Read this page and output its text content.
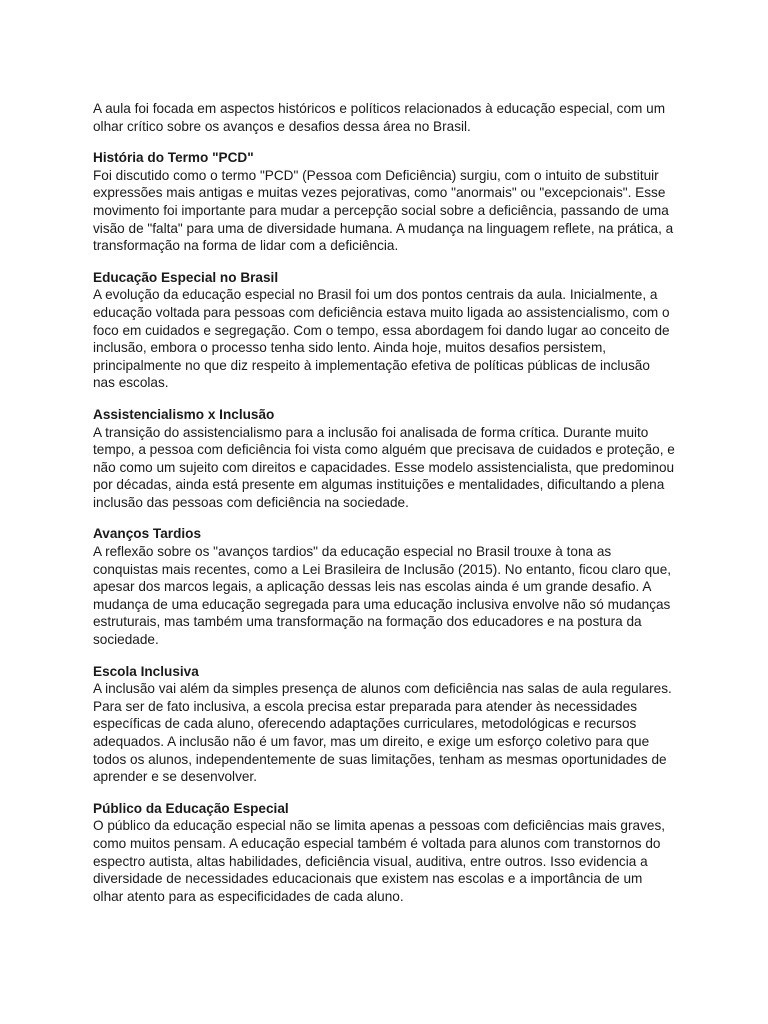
A aula foi focada em aspectos históricos e políticos relacionados à educação especial, com um olhar crítico sobre os avanços e desafios dessa área no Brasil.

História do Termo "PCD"

Foi discutido como o termo "PCD" (Pessoa com Deficiência) surgiu, com o intuito de substituir expressões mais antigas e muitas vezes pejorativas, como "anormais" ou "excepcionais". Esse movimento foi importante para mudar a percepção social sobre a deficiência, passando de uma visão de "falta" para uma de diversidade humana. A mudança na linguagem reflete, na prática, a transformação na forma de lidar com a deficiência.

Educação Especial no Brasil

A evolução da educação especial no Brasil foi um dos pontos centrais da aula. Inicialmente, a educação voltada para pessoas com deficiência estava muito ligada ao assistencialismo, com o foco em cuidados e segregação. Com o tempo, essa abordagem foi dando lugar ao conceito de inclusão, embora o processo tenha sido lento. Ainda hoje, muitos desafios persistem, principalmente no que diz respeito à implementação efetiva de políticas públicas de inclusão nas escolas.

Assistencialismo x Inclusão

A transição do assistencialismo para a inclusão foi analisada de forma crítica. Durante muito tempo, a pessoa com deficiência foi vista como alguém que precisava de cuidados e proteção, e não como um sujeito com direitos e capacidades. Esse modelo assistencialista, que predominou por décadas, ainda está presente em algumas instituições e mentalidades, dificultando a plena inclusão das pessoas com deficiência na sociedade.

Avanços Tardios

A reflexão sobre os "avanços tardios" da educação especial no Brasil trouxe à tona as conquistas mais recentes, como a Lei Brasileira de Inclusão (2015). No entanto, ficou claro que, apesar dos marcos legais, a aplicação dessas leis nas escolas ainda é um grande desafio. A mudança de uma educação segregada para uma educação inclusiva envolve não só mudanças estruturais, mas também uma transformação na formação dos educadores e na postura da sociedade.

Escola Inclusiva

A inclusão vai além da simples presença de alunos com deficiência nas salas de aula regulares. Para ser de fato inclusiva, a escola precisa estar preparada para atender às necessidades específicas de cada aluno, oferecendo adaptações curriculares, metodológicas e recursos adequados. A inclusão não é um favor, mas um direito, e exige um esforço coletivo para que todos os alunos, independentemente de suas limitações, tenham as mesmas oportunidades de aprender e se desenvolver.

Público da Educação Especial

O público da educação especial não se limita apenas a pessoas com deficiências mais graves, como muitos pensam. A educação especial também é voltada para alunos com transtornos do espectro autista, altas habilidades, deficiência visual, auditiva, entre outros. Isso evidencia a diversidade de necessidades educacionais que existem nas escolas e a importância de um olhar atento para as especificidades de cada aluno.
